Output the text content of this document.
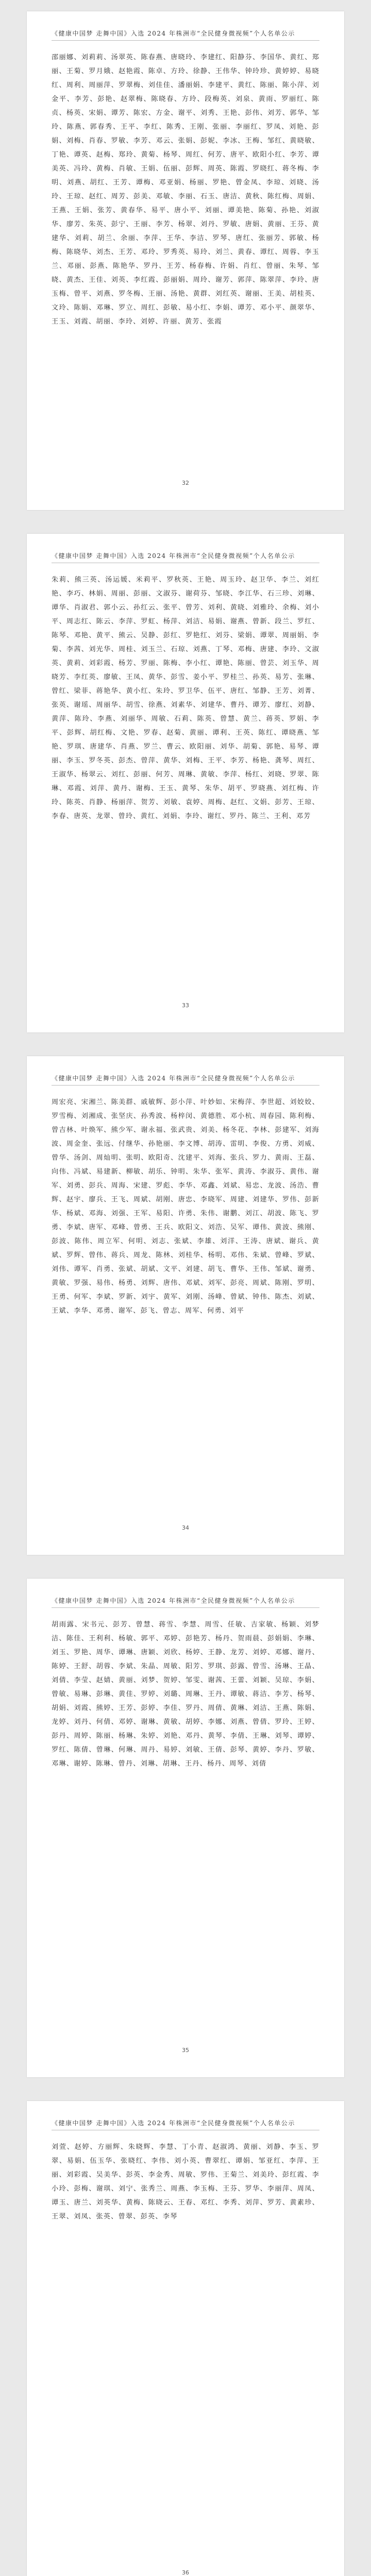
《健康中国梦 走舞中国》入选 2024 年株洲市“全民健身微视频”个人名单公示
邵丽娜、刘莉莉、汤翠英、陈春燕、唐晓玲、李建红、阳静芬、李国华、黄红、郑丽、王菊、罗月娥、赵艳霞、陈卓、方玲、徐静、王伟华、钟玲珍、黄婷婷、易晓红、周利、周丽萍、罗翠梅、刘佳佳、潘丽娟、李建平、黄红、陈丽、陈小萍、刘金平、李芳、彭艳、赵翠梅、陈晓春、方玲、段梅英、刘泉、黄雨、罗丽红、陈贞、杨英、宋娟、谭芳、陈宏、方金、谢平、刘秀、王艳、彭伟、刘芳、郭华、邹玲、陈燕、郭春秀、王平、李红、陈秀、王刚、张丽、李丽红、罗凤、刘艳、彭娟、刘梅、肖春、罗敏、李芳、邓云、张娟、彭妮、李冰、王梅、邹红、黄晓敏、丁艳、谭英、赵梅、郑玲、黄菊、杨琴、周红、何芳、唐平、欧阳小红、李芳、谭美英、冯玲、黄梅、肖敏、王娟、伍丽、彭辉、周英、陈霞、罗晓红、蒋冬梅、李明、刘燕、胡红、王芳、谭梅、邓亚娟、杨丽、罗艳、曾金凤、李琼、刘晓、汤玲、王琼、赵红、周芳、彭美、邓敏、李丽、石玉、唐洁、黄秋、陈红梅、周娟、王燕、王娟、张芳、黄春华、易平、唐小平、刘丽、谭美艳、陈菊、孙艳、刘淑华、廖芳、朱英、彭宁、王丽、李芳、杨翠、刘丹、罗敏、唐娟、黄丽、王芬、黄建华、刘莉、胡兰、余丽、李萍、王华、李洁、罗琴、唐红、张丽芳、郭敏、杨梅、陈晓华、刘杰、王芳、邓玲、罗秀英、易玲、刘兰、黄春、谭红、周蓉、李玉兰、邓丽、彭燕、陈艳华、罗丹、王芳、杨春梅、许娟、肖红、曾丽、朱琴、邹晓、黄杰、王佳、刘英、李红霞、彭丽娟、周玲、谢芳、郭萍、陈翠萍、李玲、唐玉梅、曾平、刘燕、罗冬梅、王丽、汤艳、黄群、刘红英、谢丽、王美、胡桂英、文玲、陈娟、邓琳、罗立、周红、彭敏、易小红、李娟、谭芳、邓小平、颜翠华、王玉、刘霞、胡丽、李玲、刘婷、许丽、黄芳、张霞
32
《健康中国梦 走舞中国》入选 2024 年株洲市“全民健身微视频”个人名单公示
朱莉、熊三英、汤运媛、米莉平、罗秋英、王艳、周玉玲、赵卫华、李兰、刘红艳、李巧、林娟、周丽、彭丽、文淑芬、谢荷芬、邹晓、李江华、石三珍、刘琳、谭华、肖淑君、郭小云、孙红云、张平、曾芳、刘利、黄晓、刘雅玲、余梅、刘小平、周志红、陈云、李萍、罗虹、杨萍、刘洁、易娟、谢燕、曾新、段兰、罗红、陈琴、邓艳、黄平、熊云、吴静、彭红、罗艳红、刘芬、梁娟、谭翠、周丽娟、李菊、李茜、刘光华、周桂、刘玉兰、石琼、刘燕、丁琴、邓梅、唐建、李玲、文淑英、黄莉、刘彩霞、杨芳、罗丽、陈梅、李小红、谭艳、陈丽、曾芸、刘玉华、周晓芳、李红英、廖敏、王凤、黄华、彭雪、姜小平、罗桂兰、孙英、易芳、张琳、曾红、梁菲、蒋艳华、黄小红、朱玲、罗卫华、伍平、唐红、邹静、王芳、刘菁、张英、谢瑶、周丽华、胡雪、徐燕、刘素华、刘建华、曹丹、谭芳、廖红、刘静、黄萍、陈玲、李燕、刘丽华、周敏、石莉、陈英、曾慧、黄兰、蒋英、罗娟、李平、彭辉、胡红梅、文艳、罗春、赵菊、黄丽、谭利、王英、陈红、谭晓燕、邹艳、罗琪、唐建华、肖燕、罗兰、曹云、欧阳丽、刘华、胡菊、郭艳、易琴、谭丽、李玉、罗冬英、彭杰、曾萍、黄华、刘梅、王平、李芳、杨艳、龚琴、周红、王淑华、杨翠云、刘红、彭丽、何芳、周琳、黄敏、李萍、杨红、刘晓、罗翠、陈琳、邓霞、刘萍、黄丹、谢梅、王玉、黄琴、朱华、胡平、罗晓燕、刘红梅、许玲、陈英、肖静、杨丽萍、贺芳、刘敏、袁婷、周梅、赵红、文娟、彭芳、王琼、李春、唐英、龙翠、曾玲、黄红、刘娟、李玲、谢红、罗丹、陈兰、王利、邓芳
33
《健康中国梦 走舞中国》入选 2024 年株洲市“全民健身微视频”个人名单公示
周宏亮、宋湘兰、陈美群、戚敏辉、彭小萍、叶妙如、宋梅萍、李世超、刘姣姣、罗雪梅、刘湘成、张坚庆、孙秀波、杨梓闵、黄德胜、邓小杭、周春园、陈利梅、曾吉林、叶焕军、熊少军、谢永福、张武贵、刘美、杨冬花、李林、彭建军、刘海波、周金奎、张远、付继华、孙艳丽、李文博、胡涛、雷明、李俊、方勇、刘威、曾华、汤剑、周灿明、张明、欧阳奇、沈建平、刘海、张兵、罗力、黄雨、王磊、向伟、冯斌、易建新、柳敏、胡乐、钟明、朱华、张军、黄涛、李淑芬、黄伟、谢军、刘勇、彭兵、周海、宋建、罗彪、李华、邓鑫、刘斌、易忠、龙波、汤浩、曹辉、赵宇、廖兵、王飞、周斌、胡刚、唐忠、李晓军、周建、刘建华、罗伟、彭新华、杨斌、邓海、刘强、王军、易阳、许勇、朱伟、谢鹏、刘江、胡波、陈飞、罗勇、李斌、唐军、邓峰、曾勇、王兵、欧阳文、刘浩、吴军、谭伟、黄波、熊刚、彭波、陈伟、周立军、何明、刘志、张斌、李雄、刘洋、王涛、唐斌、谢兵、黄斌、罗辉、曾伟、蒋兵、周龙、陈林、刘桂华、杨明、邓伟、朱斌、曾峰、罗斌、刘伟、谭军、肖勇、张斌、胡斌、文平、刘建、胡飞、曹华、王伟、邹斌、谢勇、黄敏、罗强、易伟、杨勇、刘辉、唐伟、邓斌、刘军、彭亮、周斌、陈刚、罗明、王勇、何军、李斌、罗新、刘宇、黄军、刘刚、汤峰、曾斌、钟伟、陈杰、刘斌、王斌、李华、邓勇、谢军、彭飞、曾志、周军、何勇、刘平
34
《健康中国梦 走舞中国》入选 2024 年株洲市“全民健身微视频”个人名单公示
胡雨露、宋书元、彭芳、曾慧、蒋雪、李慧、周雪、任敏、吉家敏、杨颖、刘梦洁、陈佳、王利利、杨敏、郭平、邓婷、彭艳芳、杨丹、贺雨晨、彭娟娟、李琳、刘玉、罗艳、周华、谭琳、唐颖、刘欣、杨婷、王静、龙芳、刘婷、邓娜、谢丹、陈婷、王舒、胡蓉、李斌、朱晶、周敏、阳芳、罗琪、彭露、曾雪、汤琳、王晶、刘倩、李莹、赵婧、黄丽、刘梦、贺婷、邹雯、谢茜、王蕾、刘颖、吴琼、李娟、曾敏、易琳、彭琳、黄佳、罗婷、刘璐、周琳、王丹、谭敏、蒋洁、李芳、杨琴、胡娟、刘霞、熊婷、王芳、彭婷、李佳、罗丹、周倩、黄琳、刘洁、王燕、陈娟、龙婷、刘丹、何倩、邓婷、谢琳、黄敏、胡婷、李娜、刘燕、曾倩、罗玲、王婷、彭丹、周婷、陈丽、杨琳、朱婷、刘艳、邓丹、黄琴、李倩、王琳、刘琴、谭婷、罗红、陈倩、曾琳、何琳、周丹、易婷、刘敏、王倩、彭琴、黄婷、李丹、罗敏、邓琳、谢婷、陈琳、曾丹、刘琳、胡琳、王丹、杨丹、周琴、刘倩
35
《健康中国梦 走舞中国》入选 2024 年株洲市“全民健身微视频”个人名单公示
刘萱、赵婷、方丽辉、朱晓辉、李慧、丁小青、赵淑鸿、黄丽、刘静、李玉、罗翠、易娟、伍玉华、张晓红、李伟、刘小英、曹翠红、谭娟、邹亚红、李萍、王丽、刘彩霞、吴美华、彭英、李金秀、周敏、罗伟、王菊兰、刘美玲、彭红霞、李小玲、彭梅、谢琪、刘宁、张秀兰、周燕、李玉梅、王芬、罗华、李丽萍、周凤、谭玉、唐兰、刘英华、黄梅、陈晓云、王春、邓红、李秀、刘萍、罗芳、黄素珍、王翠、刘凤、张英、曾翠、彭英、李琴
36
